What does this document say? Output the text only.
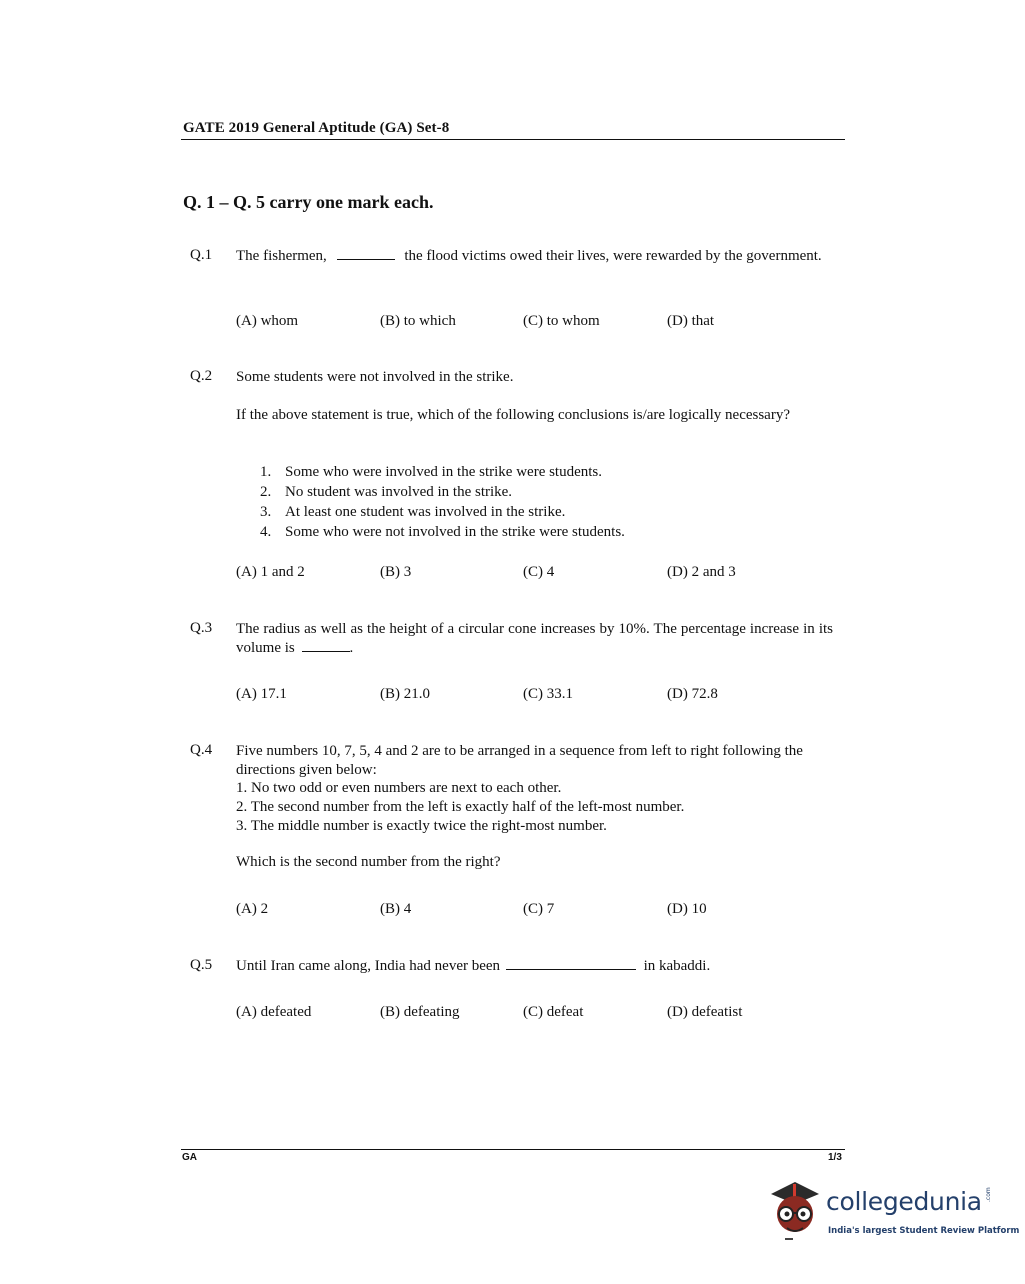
GATE 2019 General Aptitude (GA) Set-8
Q. 1 – Q. 5 carry one mark each.
Q.1 The fishermen,	the flood victims owed their lives, were rewarded by the government.
(A) whom	(B) to which	(C) to whom	(D) that
Q.2 Some students were not involved in the strike.
If the above statement is true, which of the following conclusions is/are logically necessary?
1. Some who were involved in the strike were students.
2. No student was involved in the strike.
3. At least one student was involved in the strike.
4. Some who were not involved in the strike were students.
(A) 1 and 2	(B) 3	(C) 4	(D) 2 and 3
Q.3 The radius as well as the height of a circular cone increases by 10%. The percentage increase in its volume is	.
(A) 17.1	(B) 21.0	(C) 33.1	(D) 72.8
Q.4 Five numbers 10, 7, 5, 4 and 2 are to be arranged in a sequence from left to right following the directions given below:
1. No two odd or even numbers are next to each other.
2. The second number from the left is exactly half of the left-most number.
3. The middle number is exactly twice the right-most number.
Which is the second number from the right?
(A) 2	(B) 4	(C) 7	(D) 10
Q.5 Until Iran came along, India had never been	in kabaddi.
(A) defeated	(B) defeating	(C) defeat	(D) defeatist
GA	1/3
collegedunia .com
India's largest Student Review Platform
